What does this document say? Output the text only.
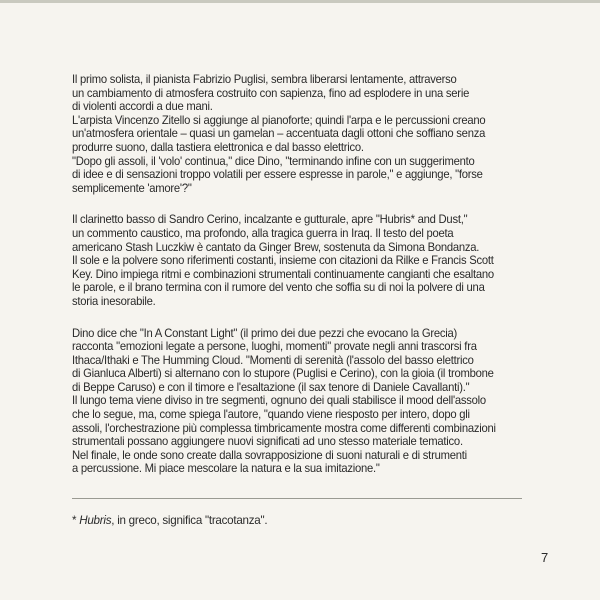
Il primo solista, il pianista Fabrizio Puglisi, sembra liberarsi lentamente, attraverso
un cambiamento di atmosfera costruito con sapienza, fino ad esplodere in una serie
di violenti accordi a due mani.
L'arpista Vincenzo Zitello si aggiunge al pianoforte; quindi l'arpa e le percussioni creano
un'atmosfera orientale – quasi un gamelan – accentuata dagli ottoni che soffiano senza
produrre suono, dalla tastiera elettronica e dal basso elettrico.
"Dopo gli assoli, il 'volo' continua," dice Dino, "terminando infine con un suggerimento
di idee e di sensazioni troppo volatili per essere espresse in parole," e aggiunge, "forse
semplicemente 'amore'?"

Il clarinetto basso di Sandro Cerino, incalzante e gutturale, apre "Hubris* and Dust,"
un commento caustico, ma profondo, alla tragica guerra in Iraq. Il testo del poeta
americano Stash Luczkiw è cantato da Ginger Brew, sostenuta da Simona Bondanza.
Il sole e la polvere sono riferimenti costanti, insieme con citazioni da Rilke e Francis Scott
Key. Dino impiega ritmi e combinazioni strumentali continuamente cangianti che esaltano
le parole, e il brano termina con il rumore del vento che soffia su di noi la polvere di una
storia inesorabile.

Dino dice che "In A Constant Light" (il primo dei due pezzi che evocano la Grecia)
racconta "emozioni legate a persone, luoghi, momenti" provate negli anni trascorsi fra
Ithaca/Ithaki e The Humming Cloud. "Momenti di serenità (l'assolo del basso elettrico
di Gianluca Alberti) si alternano con lo stupore (Puglisi e Cerino), con la gioia (il trombone
di Beppe Caruso) e con il timore e l'esaltazione (il sax tenore di Daniele Cavallanti)."
Il lungo tema viene diviso in tre segmenti, ognuno dei quali stabilisce il mood dell'assolo
che lo segue, ma, come spiega l'autore, "quando viene riesposto per intero, dopo gli
assoli, l'orchestrazione più complessa timbricamente mostra come differenti combinazioni
strumentali possano aggiungere nuovi significati ad uno stesso materiale tematico.
Nel finale, le onde sono create dalla sovrapposizione di suoni naturali e di strumenti
a percussione. Mi piace mescolare la natura e la sua imitazione."

* Hubris, in greco, significa "tracotanza".
7
